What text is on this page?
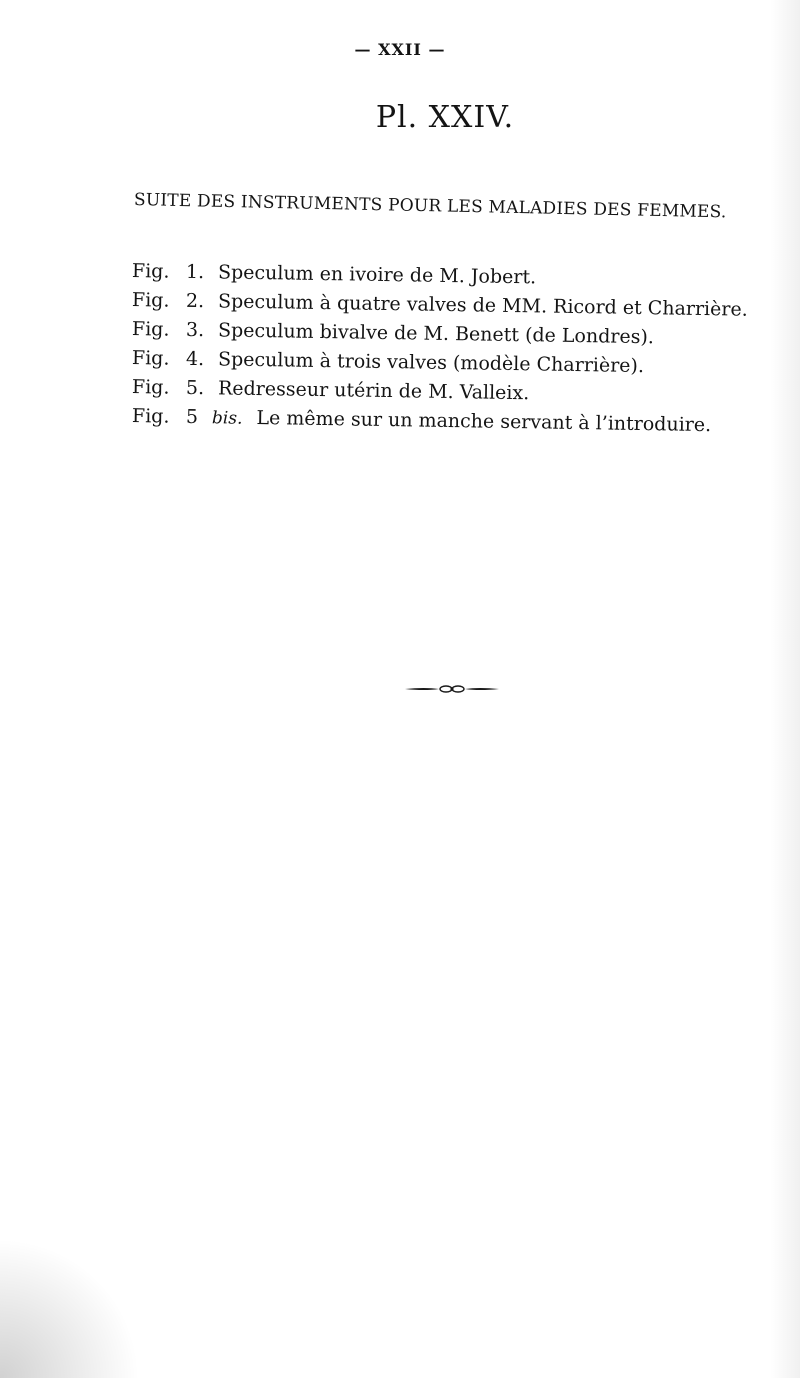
— XXII —
Pl. XXIV.
SUITE DES INSTRUMENTS POUR LES MALADIES DES FEMMES.
Fig. 1. Speculum en ivoire de M. Jobert.
Fig. 2. Speculum à quatre valves de MM. Ricord et Charrière.
Fig. 3. Speculum bivalve de M. Benett (de Londres).
Fig. 4. Speculum à trois valves (modèle Charrière).
Fig. 5. Redresseur utérin de M. Valleix.
Fig. 5 bis. Le même sur un manche servant à l’introduire.
